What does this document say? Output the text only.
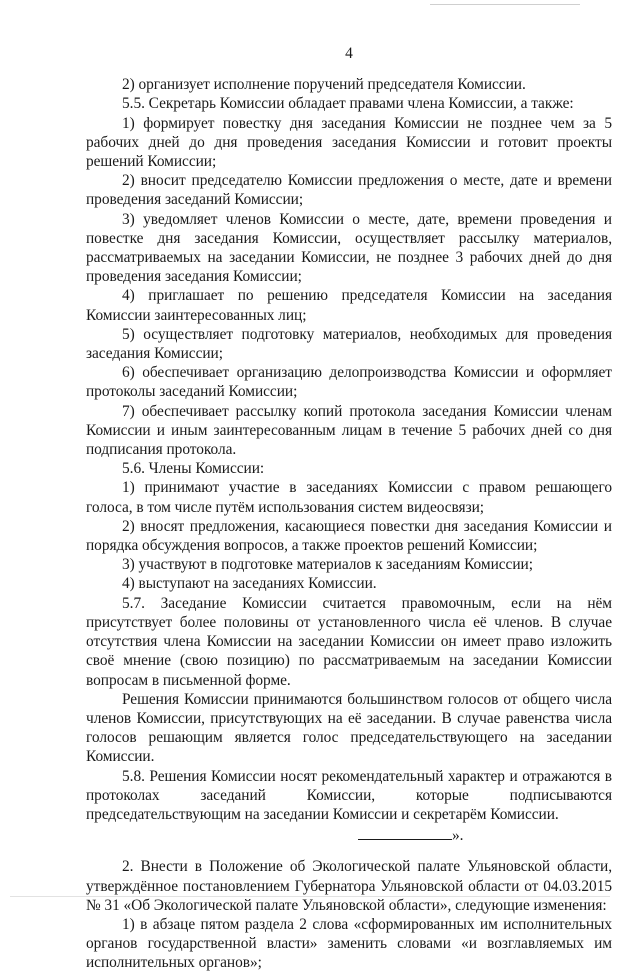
4

2) организует исполнение поручений председателя Комиссии.

5.5. Секретарь Комиссии обладает правами члена Комиссии, а также:

1) формирует повестку дня заседания Комиссии не позднее чем за 5 рабочих дней до дня проведения заседания Комиссии и готовит проекты решений Комиссии;

2) вносит председателю Комиссии предложения о месте, дате и времени проведения заседаний Комиссии;

3) уведомляет членов Комиссии о месте, дате, времени проведения и повестке дня заседания Комиссии, осуществляет рассылку материалов, рассматриваемых на заседании Комиссии, не позднее 3 рабочих дней до дня проведения заседания Комиссии;

4) приглашает по решению председателя Комиссии на заседания Комиссии заинтересованных лиц;

5) осуществляет подготовку материалов, необходимых для проведения заседания Комиссии;

6) обеспечивает организацию делопроизводства Комиссии и оформляет протоколы заседаний Комиссии;

7) обеспечивает рассылку копий протокола заседания Комиссии членам Комиссии и иным заинтересованным лицам в течение 5 рабочих дней со дня подписания протокола.

5.6. Члены Комиссии:

1) принимают участие в заседаниях Комиссии с правом решающего голоса, в том числе путём использования систем видеосвязи;

2) вносят предложения, касающиеся повестки дня заседания Комиссии и порядка обсуждения вопросов, а также проектов решений Комиссии;

3) участвуют в подготовке материалов к заседаниям Комиссии;

4) выступают на заседаниях Комиссии.

5.7. Заседание Комиссии считается правомочным, если на нём присутствует более половины от установленного числа её членов. В случае отсутствия члена Комиссии на заседании Комиссии он имеет право изложить своё мнение (свою позицию) по рассматриваемым на заседании Комиссии вопросам в письменной форме.

Решения Комиссии принимаются большинством голосов от общего числа членов Комиссии, присутствующих на её заседании. В случае равенства числа голосов решающим является голос председательствующего на заседании Комиссии.

5.8. Решения Комиссии носят рекомендательный характер и отражаются в протоколах заседаний Комиссии, которые подписываются председательствующим на заседании Комиссии и секретарём Комиссии.

».

2. Внести в Положение об Экологической палате Ульяновской области, утверждённое постановлением Губернатора Ульяновской области от 04.03.2015 № 31 «Об Экологической палате Ульяновской области», следующие изменения:

1) в абзаце пятом раздела 2 слова «сформированных им исполнительных органов государственной власти» заменить словами «и возглавляемых им исполнительных органов»;
